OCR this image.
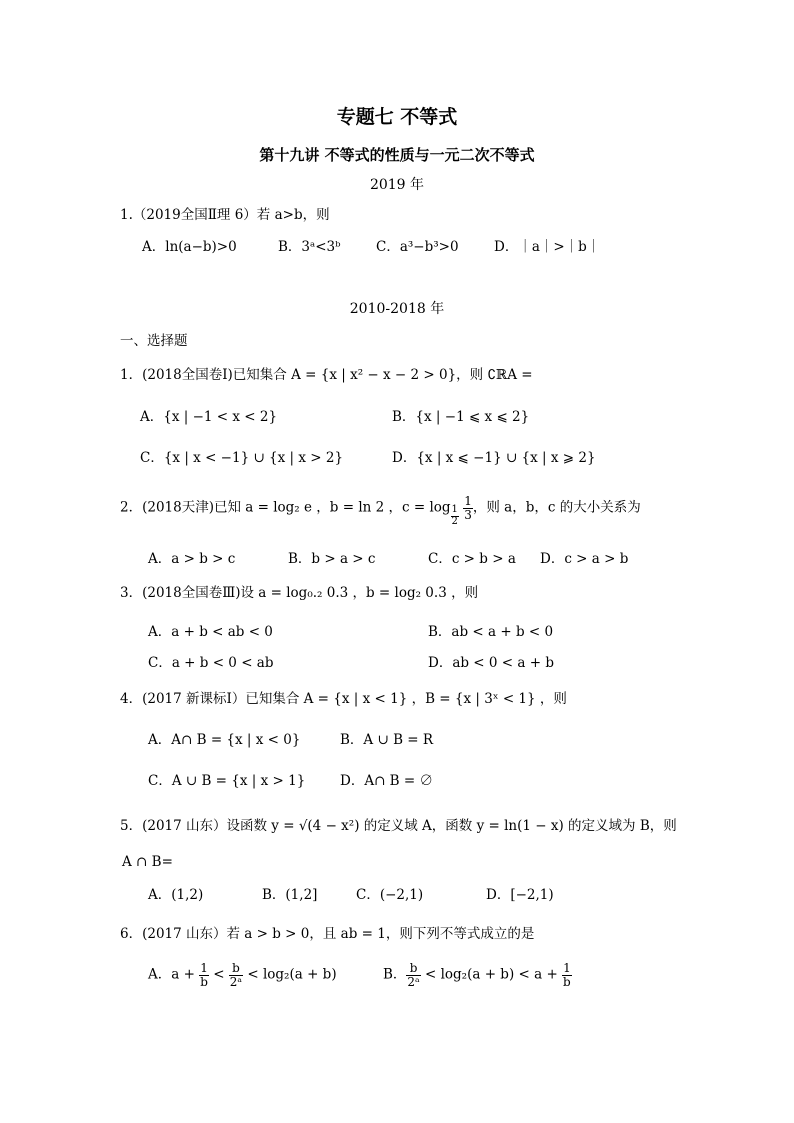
专题七 不等式
第十九讲 不等式的性质与一元二次不等式
2019 年
1.（2019全国Ⅱ理 6）若 a>b，则
A．ln(a−b)>0	B．3ᵃ<3ᵇ	C．a³−b³>0	D．｜a｜>｜b｜
2010-2018 年
一、选择题
1．(2018全国卷Ⅰ)已知集合 A = {x | x² − x − 2 > 0}，则 ∁ℝA =
A．{x | −1 < x < 2}	B．{x | −1 ⩽ x ⩽ 2}
C．{x | x < −1} ∪ {x | x > 2}	D．{x | x ⩽ −1} ∪ {x | x ⩾ 2}
2．(2018天津)已知 a = log₂ e ，b = ln 2 ，$c = \log \frac{1}{2}$
$\frac{1}{3}$ ，则 a，b，c 的大小关系为
A．a > b > c	B．b > a > c	C．c > b > a D．c > a > b
3．(2018全国卷Ⅲ)设 a = log₀.₂ 0.3 ，b = log₂ 0.3 ，则
A．a + b < ab < 0	B．ab < a + b < 0
C．a + b < 0 < ab	D．ab < 0 < a + b
4．(2017 新课标Ⅰ）已知集合 A = {x | x < 1} ，B = {x | 3ˣ < 1} ，则
A．A∩ B = {x | x < 0}	B．A ∪ B = R
C．A ∪ B = {x | x > 1}	D．A∩ B = ∅
5．(2017 山东）设函数 y = √(4 − x²) 的定义域 A，函数 y = ln(1 − x) 的定义域为 B，则
A ∩ B=
A．(1,2)	B．(1,2]	C．(−2,1)	D．[−2,1)
6．(2017 山东）若 a > b > 0，且 ab = 1，则下列不等式成立的是
A．$a + \frac{1}{b} < \frac{b}{\text{2ᵃ}} < \log_2(a + b)$	B． $\frac{b}{\text{2ᵃ}} < \log_2(a + b) < a + \frac{1}{b}$
